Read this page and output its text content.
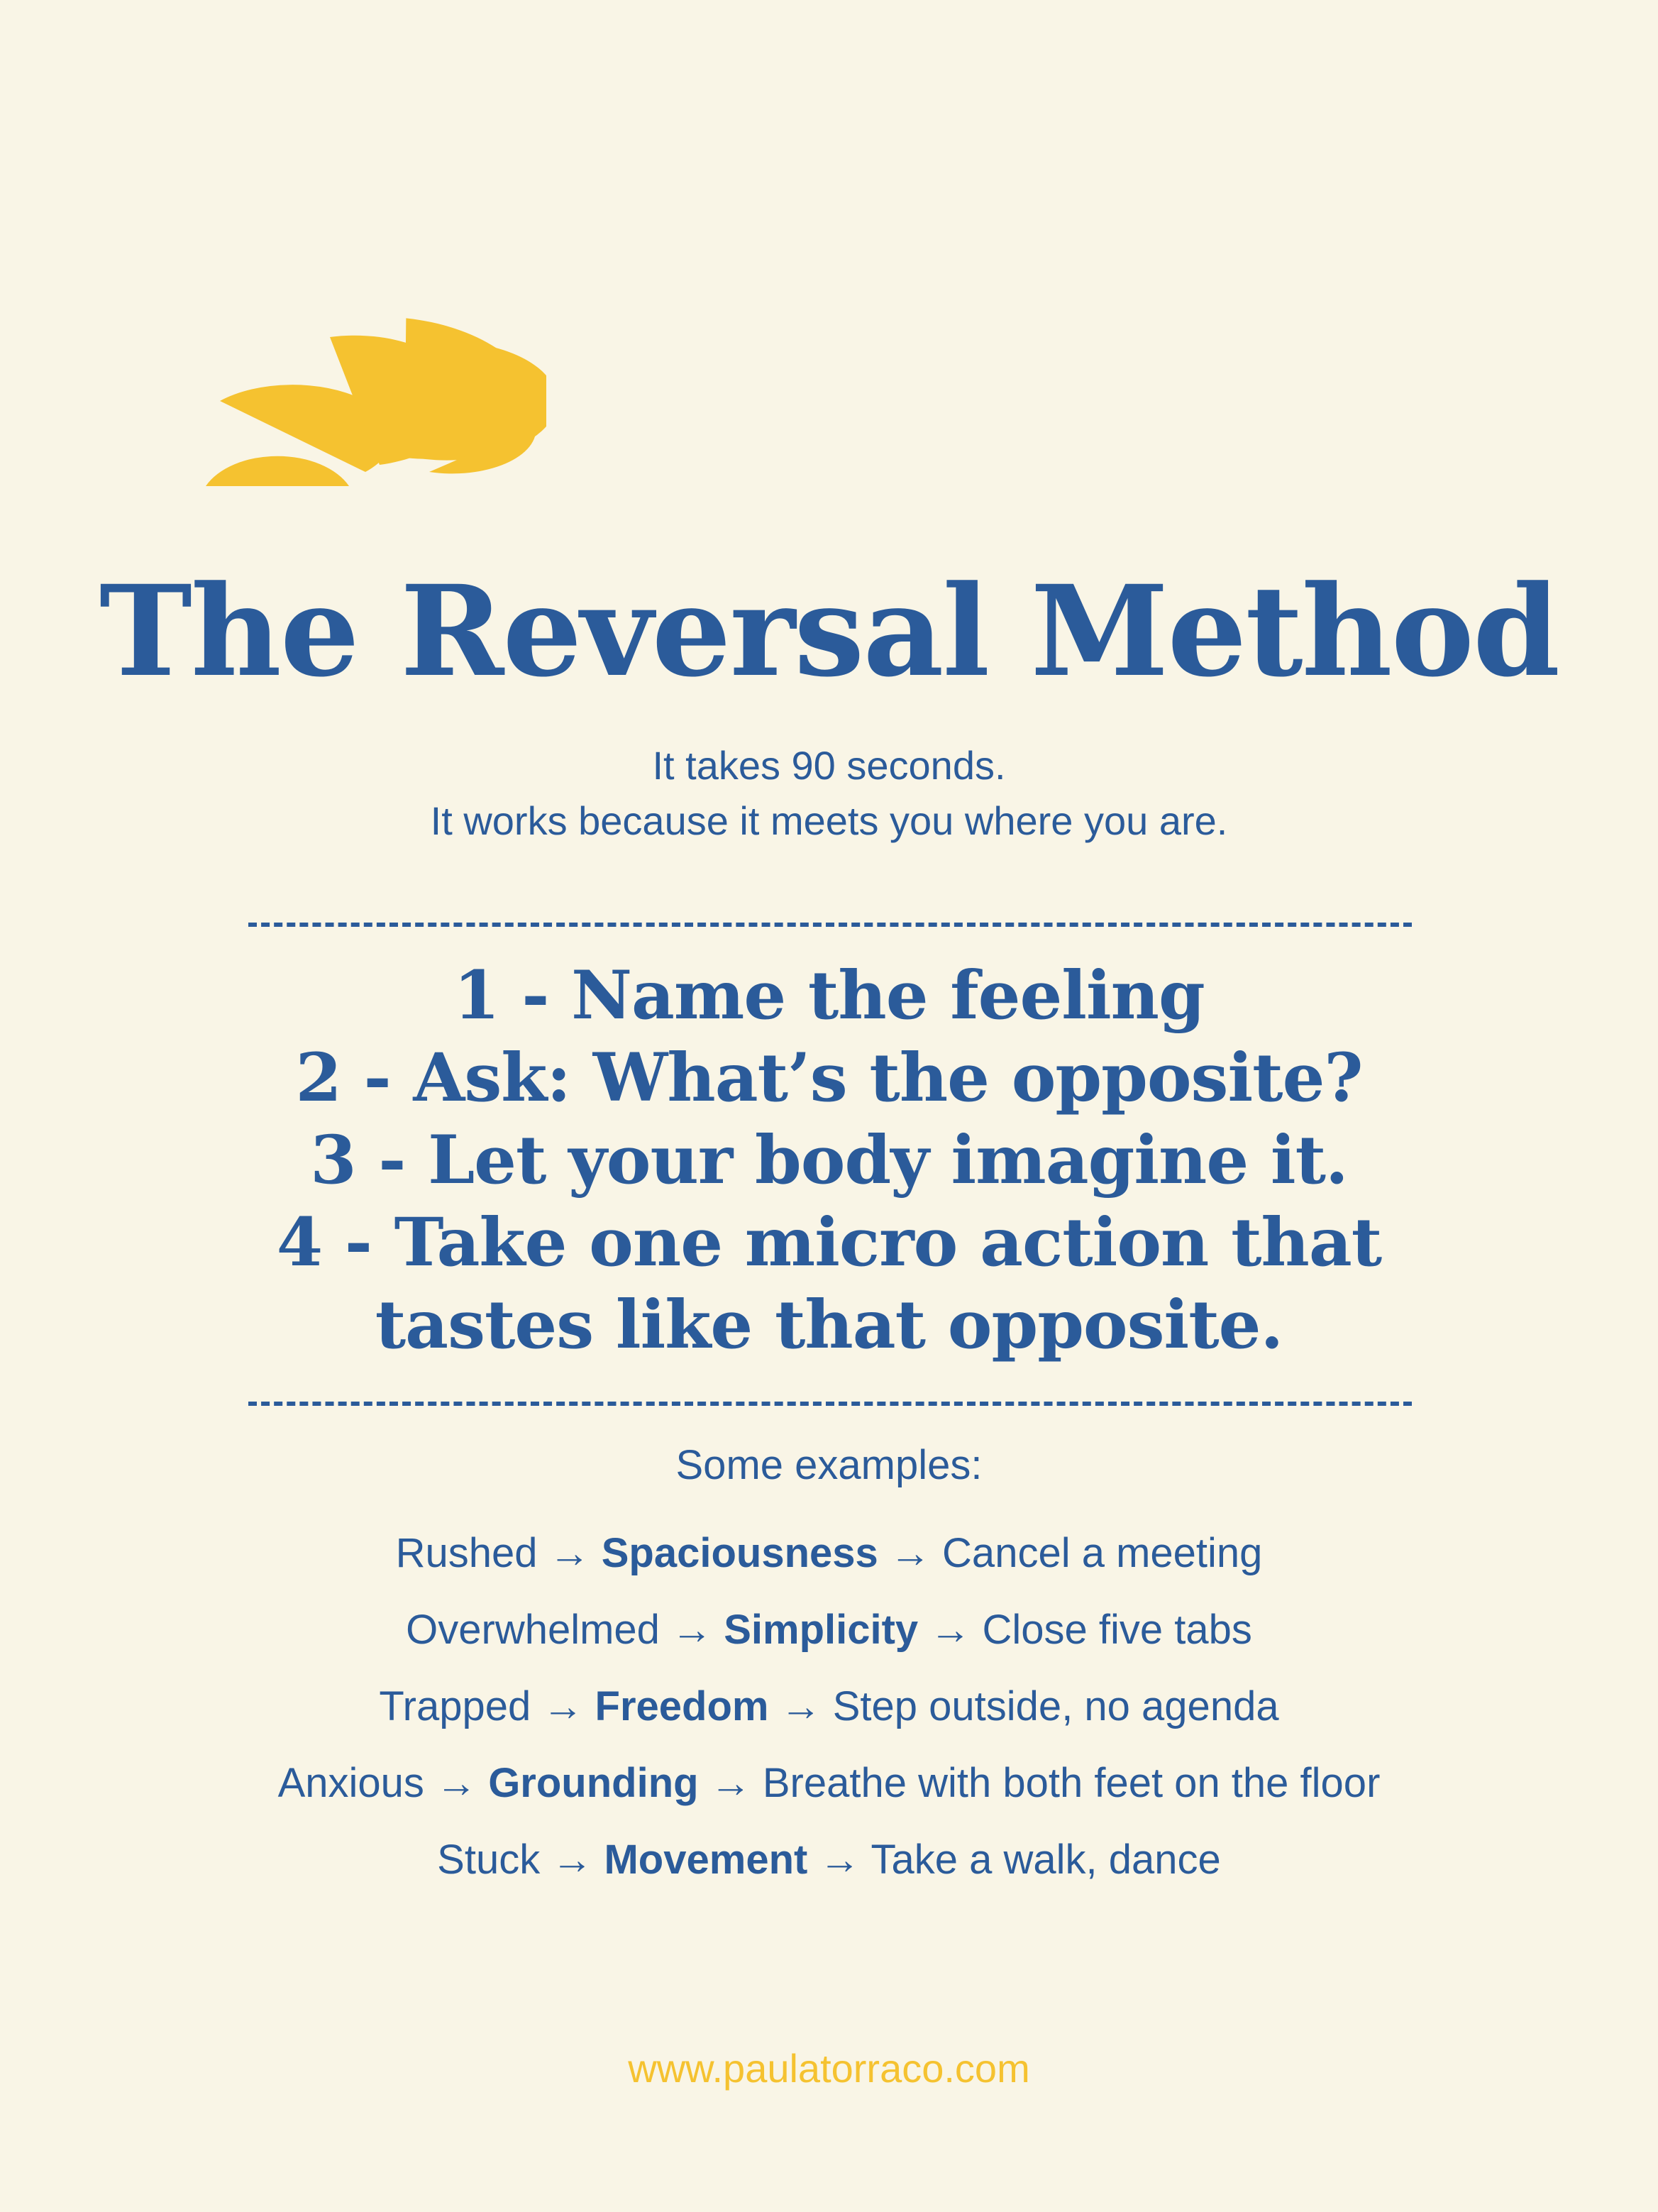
The Reversal Method
It takes 90 seconds.
It works because it meets you where you are.
1 - Name the feeling
2 - Ask: What’s the opposite?
3 - Let your body imagine it.
4 - Take one micro action that
tastes like that opposite.
Some examples:
Rushed → Spaciousness → Cancel a meeting
Overwhelmed → Simplicity → Close five tabs
Trapped → Freedom → Step outside, no agenda
Anxious → Grounding → Breathe with both feet on the floor
Stuck → Movement → Take a walk, dance
www.paulatorraco.com
